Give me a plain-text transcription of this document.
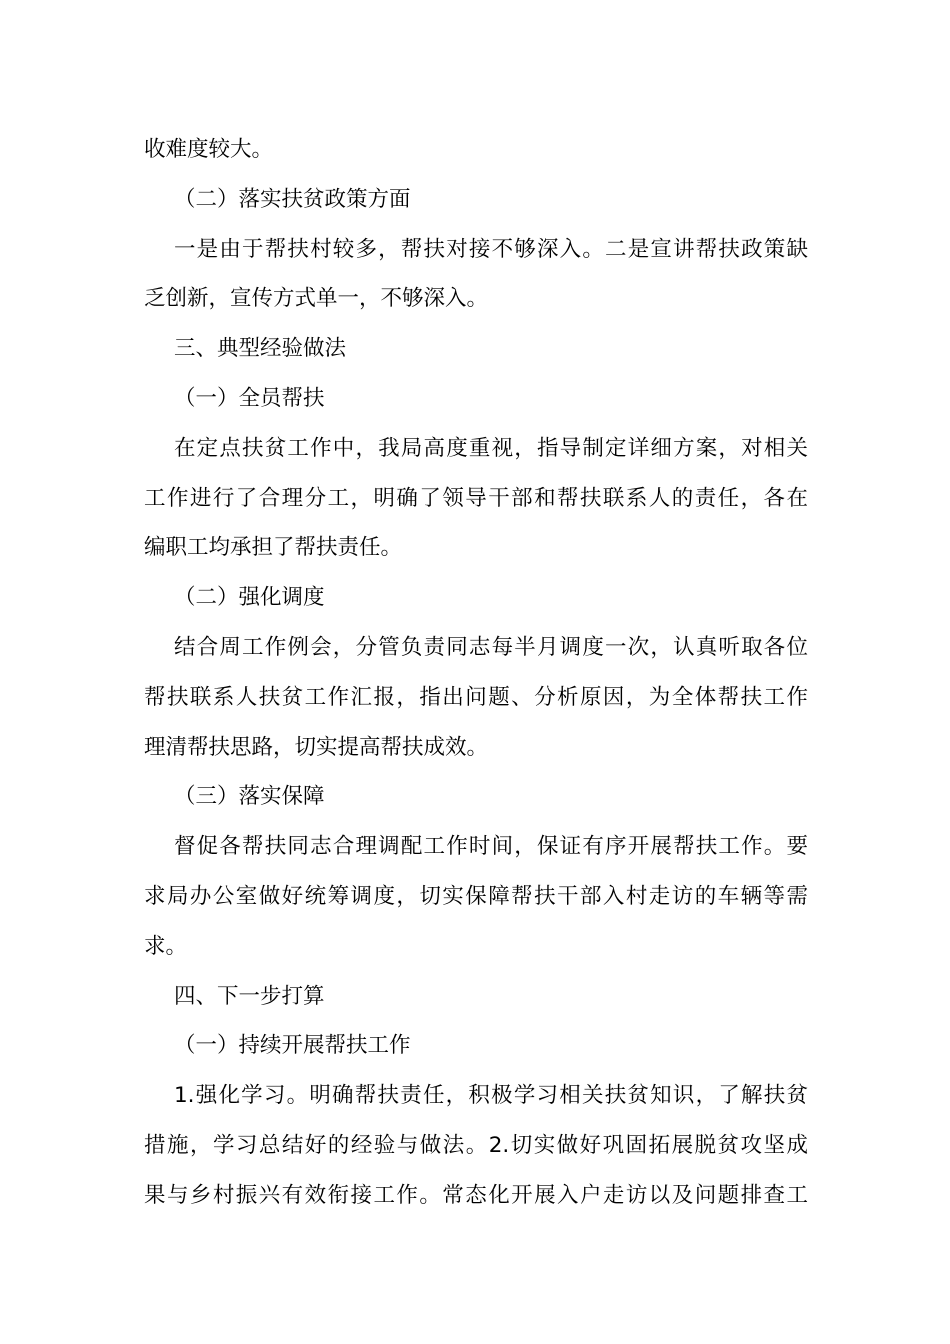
收难度较大。
（二）落实扶贫政策方面
一是由于帮扶村较多，帮扶对接不够深入。二是宣讲帮扶政策缺
乏创新，宣传方式单一，不够深入。
三、典型经验做法
（一）全员帮扶
在定点扶贫工作中，我局高度重视，指导制定详细方案，对相关
工作进行了合理分工，明确了领导干部和帮扶联系人的责任，各在
编职工均承担了帮扶责任。
（二）强化调度
结合周工作例会，分管负责同志每半月调度一次，认真听取各位
帮扶联系人扶贫工作汇报，指出问题、分析原因，为全体帮扶工作
理清帮扶思路，切实提高帮扶成效。
（三）落实保障
督促各帮扶同志合理调配工作时间，保证有序开展帮扶工作。要
求局办公室做好统筹调度，切实保障帮扶干部入村走访的车辆等需
求。
四、下一步打算
（一）持续开展帮扶工作
1.强化学习。明确帮扶责任，积极学习相关扶贫知识，了解扶贫
措施，学习总结好的经验与做法。2.切实做好巩固拓展脱贫攻坚成
果与乡村振兴有效衔接工作。常态化开展入户走访以及问题排查工
